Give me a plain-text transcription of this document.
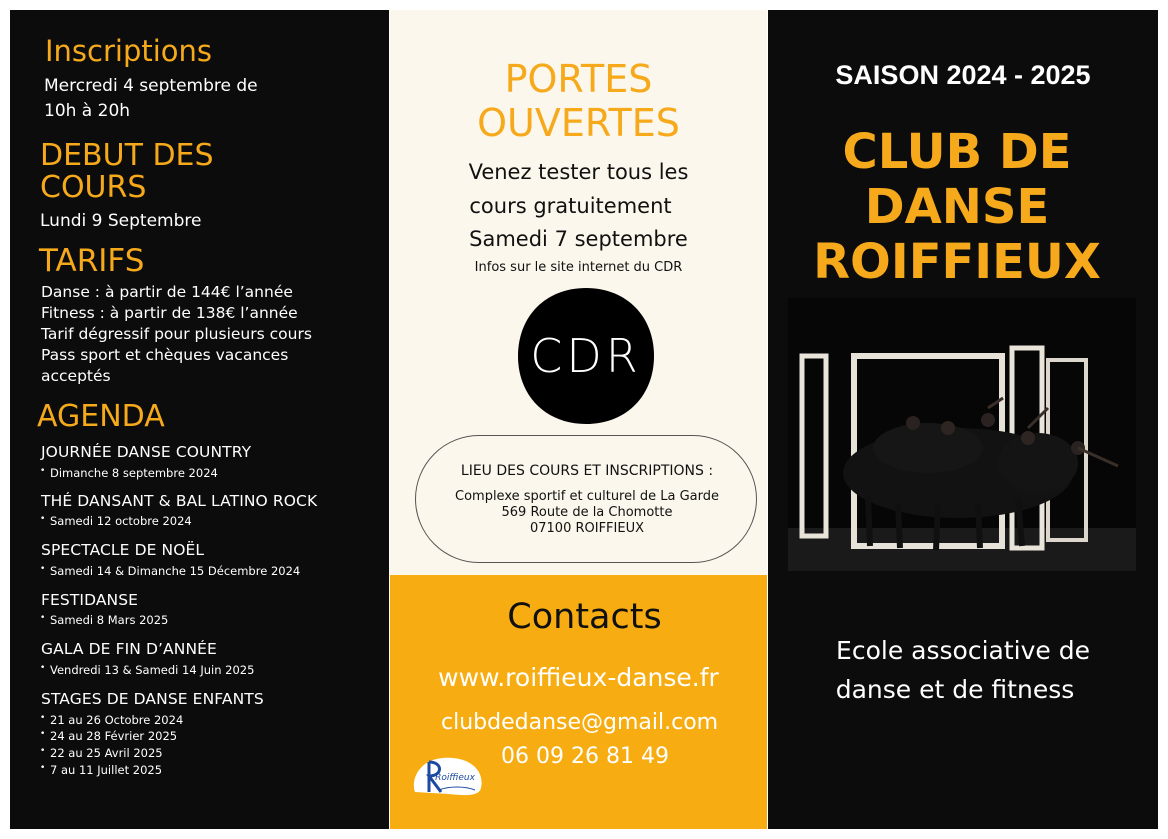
Inscriptions
Mercredi 4 septembre de
10h à 20h
DEBUT DES
COURS
Lundi 9 Septembre
TARIFS
Danse : à partir de 144€ l’année
Fitness : à partir de 138€ l’année
Tarif dégressif pour plusieurs cours
Pass sport et chèques vacances
acceptés
AGENDA
JOURNÉE DANSE COUNTRY
• Dimanche 8 septembre 2024
THÉ DANSANT & BAL LATINO ROCK
• Samedi 12 octobre 2024
SPECTACLE DE NOËL
• Samedi 14 & Dimanche 15 Décembre 2024
FESTIDANSE
• Samedi 8 Mars 2025
GALA DE FIN D’ANNÉE
• Vendredi 13 & Samedi 14 Juin 2025
STAGES DE DANSE ENFANTS
• 21 au 26 Octobre 2024
• 24 au 28 Février 2025
• 22 au 25 Avril 2025
• 7 au 11 Juillet 2025
PORTES
OUVERTES
Venez tester tous les
cours gratuitement
Samedi 7 septembre
Infos sur le site internet du CDR
CDR
LIEU DES COURS ET INSCRIPTIONS :
Complexe sportif et culturel de La Garde
569 Route de la Chomotte
07100 ROIFFIEUX
Contacts
www.roiffieux-danse.fr
clubdedanse@gmail.com
06 09 26 81 49
Roiffieux
SAISON 2024 - 2025
CLUB DE
DANSE
ROIFFIEUX
Ecole associative de
danse et de fitness
